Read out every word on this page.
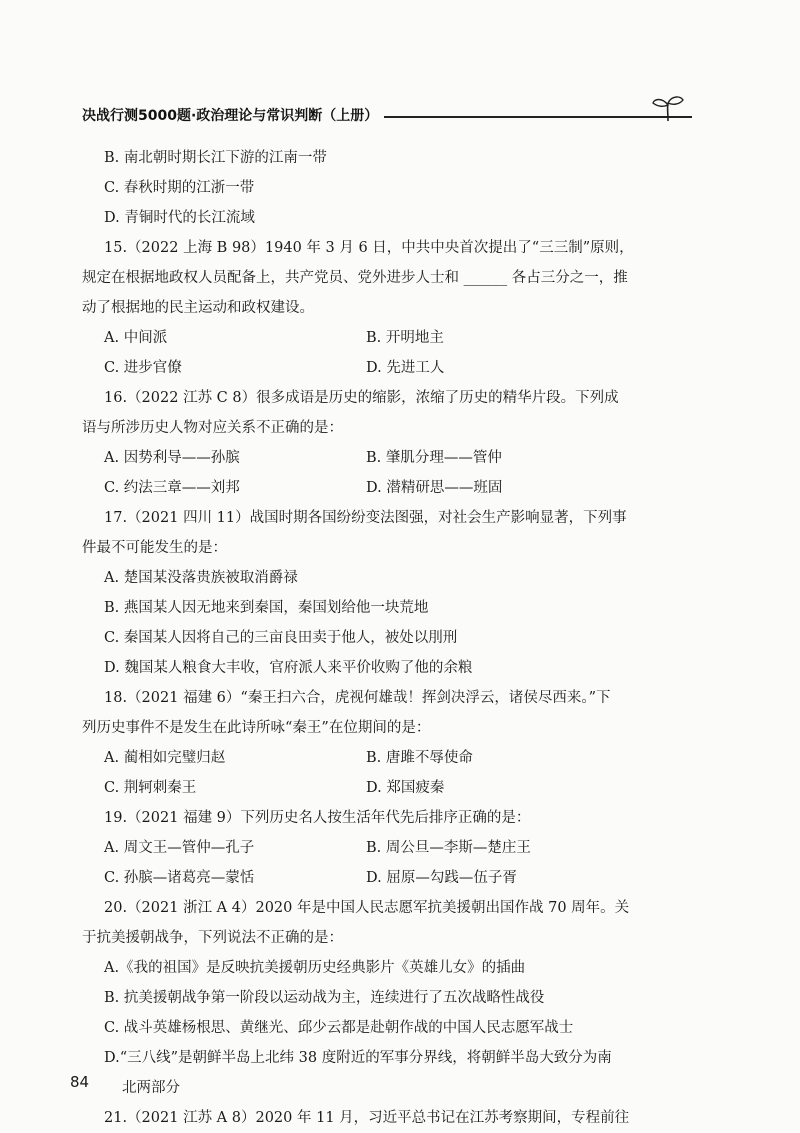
决战行测5000题·政治理论与常识判断（上册）
B. 南北朝时期长江下游的江南一带
C. 春秋时期的江浙一带
D. 青铜时代的长江流域
15.（2022 上海 B 98）1940 年 3 月 6 日，中共中央首次提出了“三三制”原则，
规定在根据地政权人员配备上，共产党员、党外进步人士和 ______ 各占三分之一，推
动了根据地的民主运动和政权建设。
A. 中间派	B. 开明地主
C. 进步官僚	D. 先进工人
16.（2022 江苏 C 8）很多成语是历史的缩影，浓缩了历史的精华片段。下列成
语与所涉历史人物对应关系不正确的是：
A. 因势利导——孙膑	B. 肇肌分理——管仲
C. 约法三章——刘邦	D. 潜精研思——班固
17.（2021 四川 11）战国时期各国纷纷变法图强，对社会生产影响显著，下列事
件最不可能发生的是：
A. 楚国某没落贵族被取消爵禄
B. 燕国某人因无地来到秦国，秦国划给他一块荒地
C. 秦国某人因将自己的三亩良田卖于他人，被处以刖刑
D. 魏国某人粮食大丰收，官府派人来平价收购了他的余粮
18.（2021 福建 6）“秦王扫六合，虎视何雄哉！挥剑决浮云，诸侯尽西来。”下
列历史事件不是发生在此诗所咏“秦王”在位期间的是：
A. 蔺相如完璧归赵	B. 唐雎不辱使命
C. 荆轲刺秦王	D. 郑国疲秦
19.（2021 福建 9）下列历史名人按生活年代先后排序正确的是：
A. 周文王—管仲—孔子	B. 周公旦—李斯—楚庄王
C. 孙膑—诸葛亮—蒙恬	D. 屈原—勾践—伍子胥
20.（2021 浙江 A 4）2020 年是中国人民志愿军抗美援朝出国作战 70 周年。关
于抗美援朝战争，下列说法不正确的是：
A.《我的祖国》是反映抗美援朝历史经典影片《英雄儿女》的插曲
B. 抗美援朝战争第一阶段以运动战为主，连续进行了五次战略性战役
C. 战斗英雄杨根思、黄继光、邱少云都是赴朝作战的中国人民志愿军战士
D.“三八线”是朝鲜半岛上北纬 38 度附近的军事分界线，将朝鲜半岛大致分为南
北两部分
21.（2021 江苏 A 8）2020 年 11 月，习近平总书记在江苏考察期间，专程前往
84
